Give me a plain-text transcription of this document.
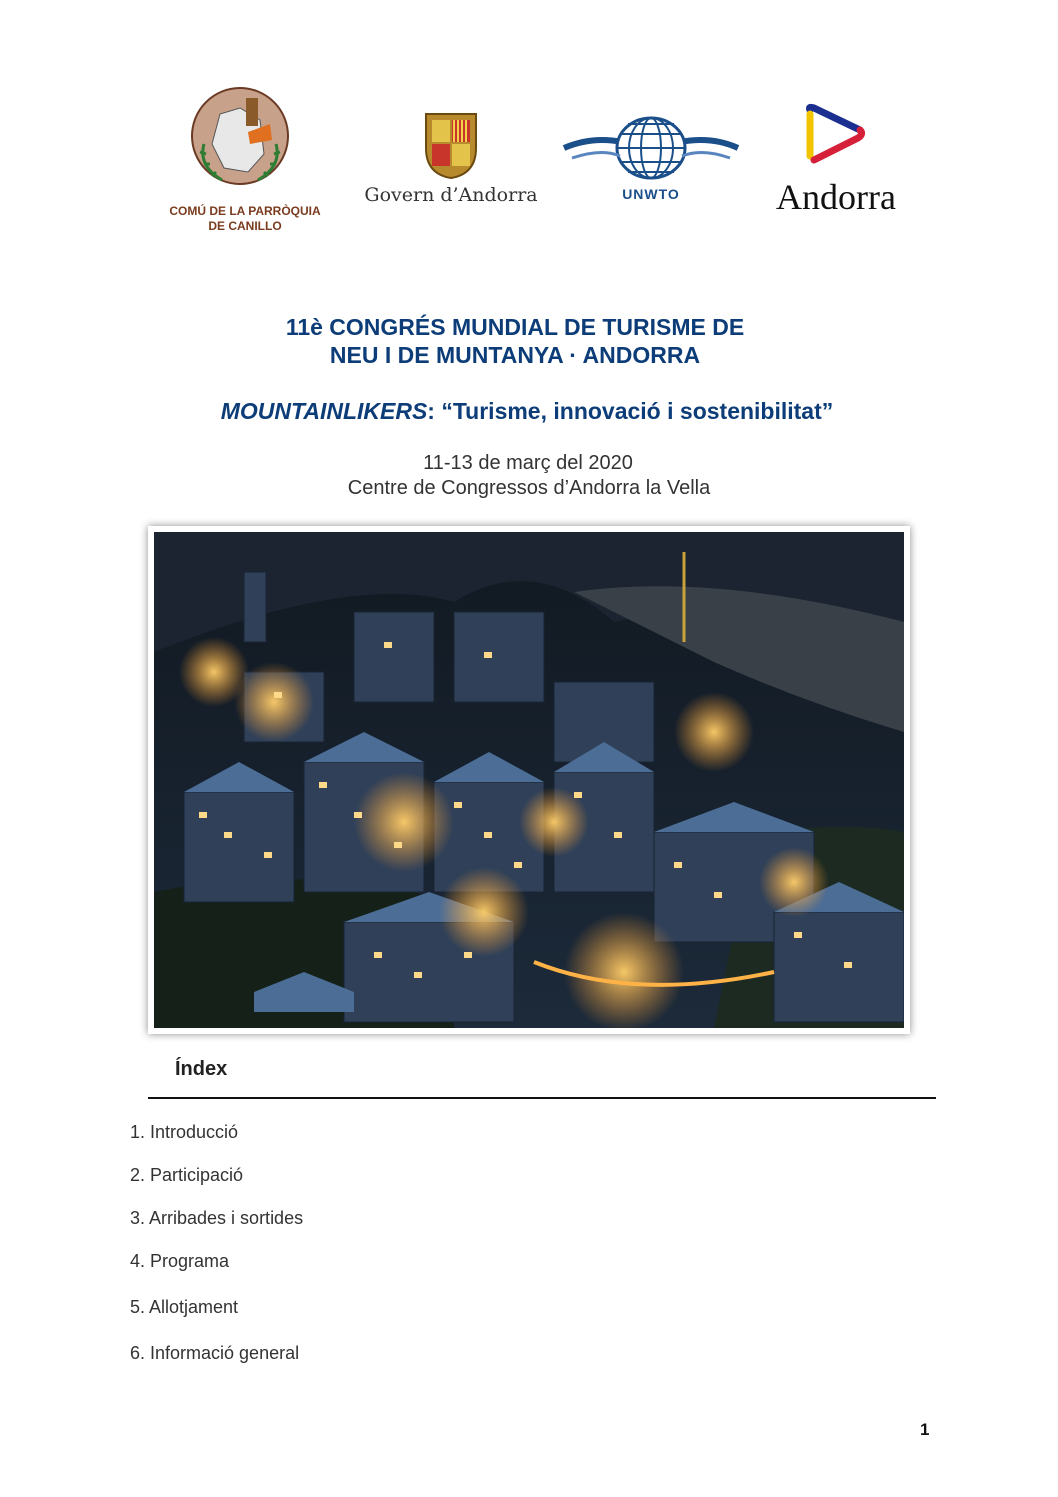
COMÚ DE LA PARRÒQUIA
DE CANILLO
Govern d’Andorra	UNWTO	Andorra
11è CONGRÉS MUNDIAL DE TURISME DE
NEU I DE MUNTANYA · ANDORRA
MOUNTAINLIKERS: “Turisme, innovació i sostenibilitat”
11-13 de març del 2020
Centre de Congressos d’Andorra la Vella
Índex
1. Introducció
2. Participació
3. Arribades i sortides
4. Programa
5. Allotjament
6. Informació general
1
